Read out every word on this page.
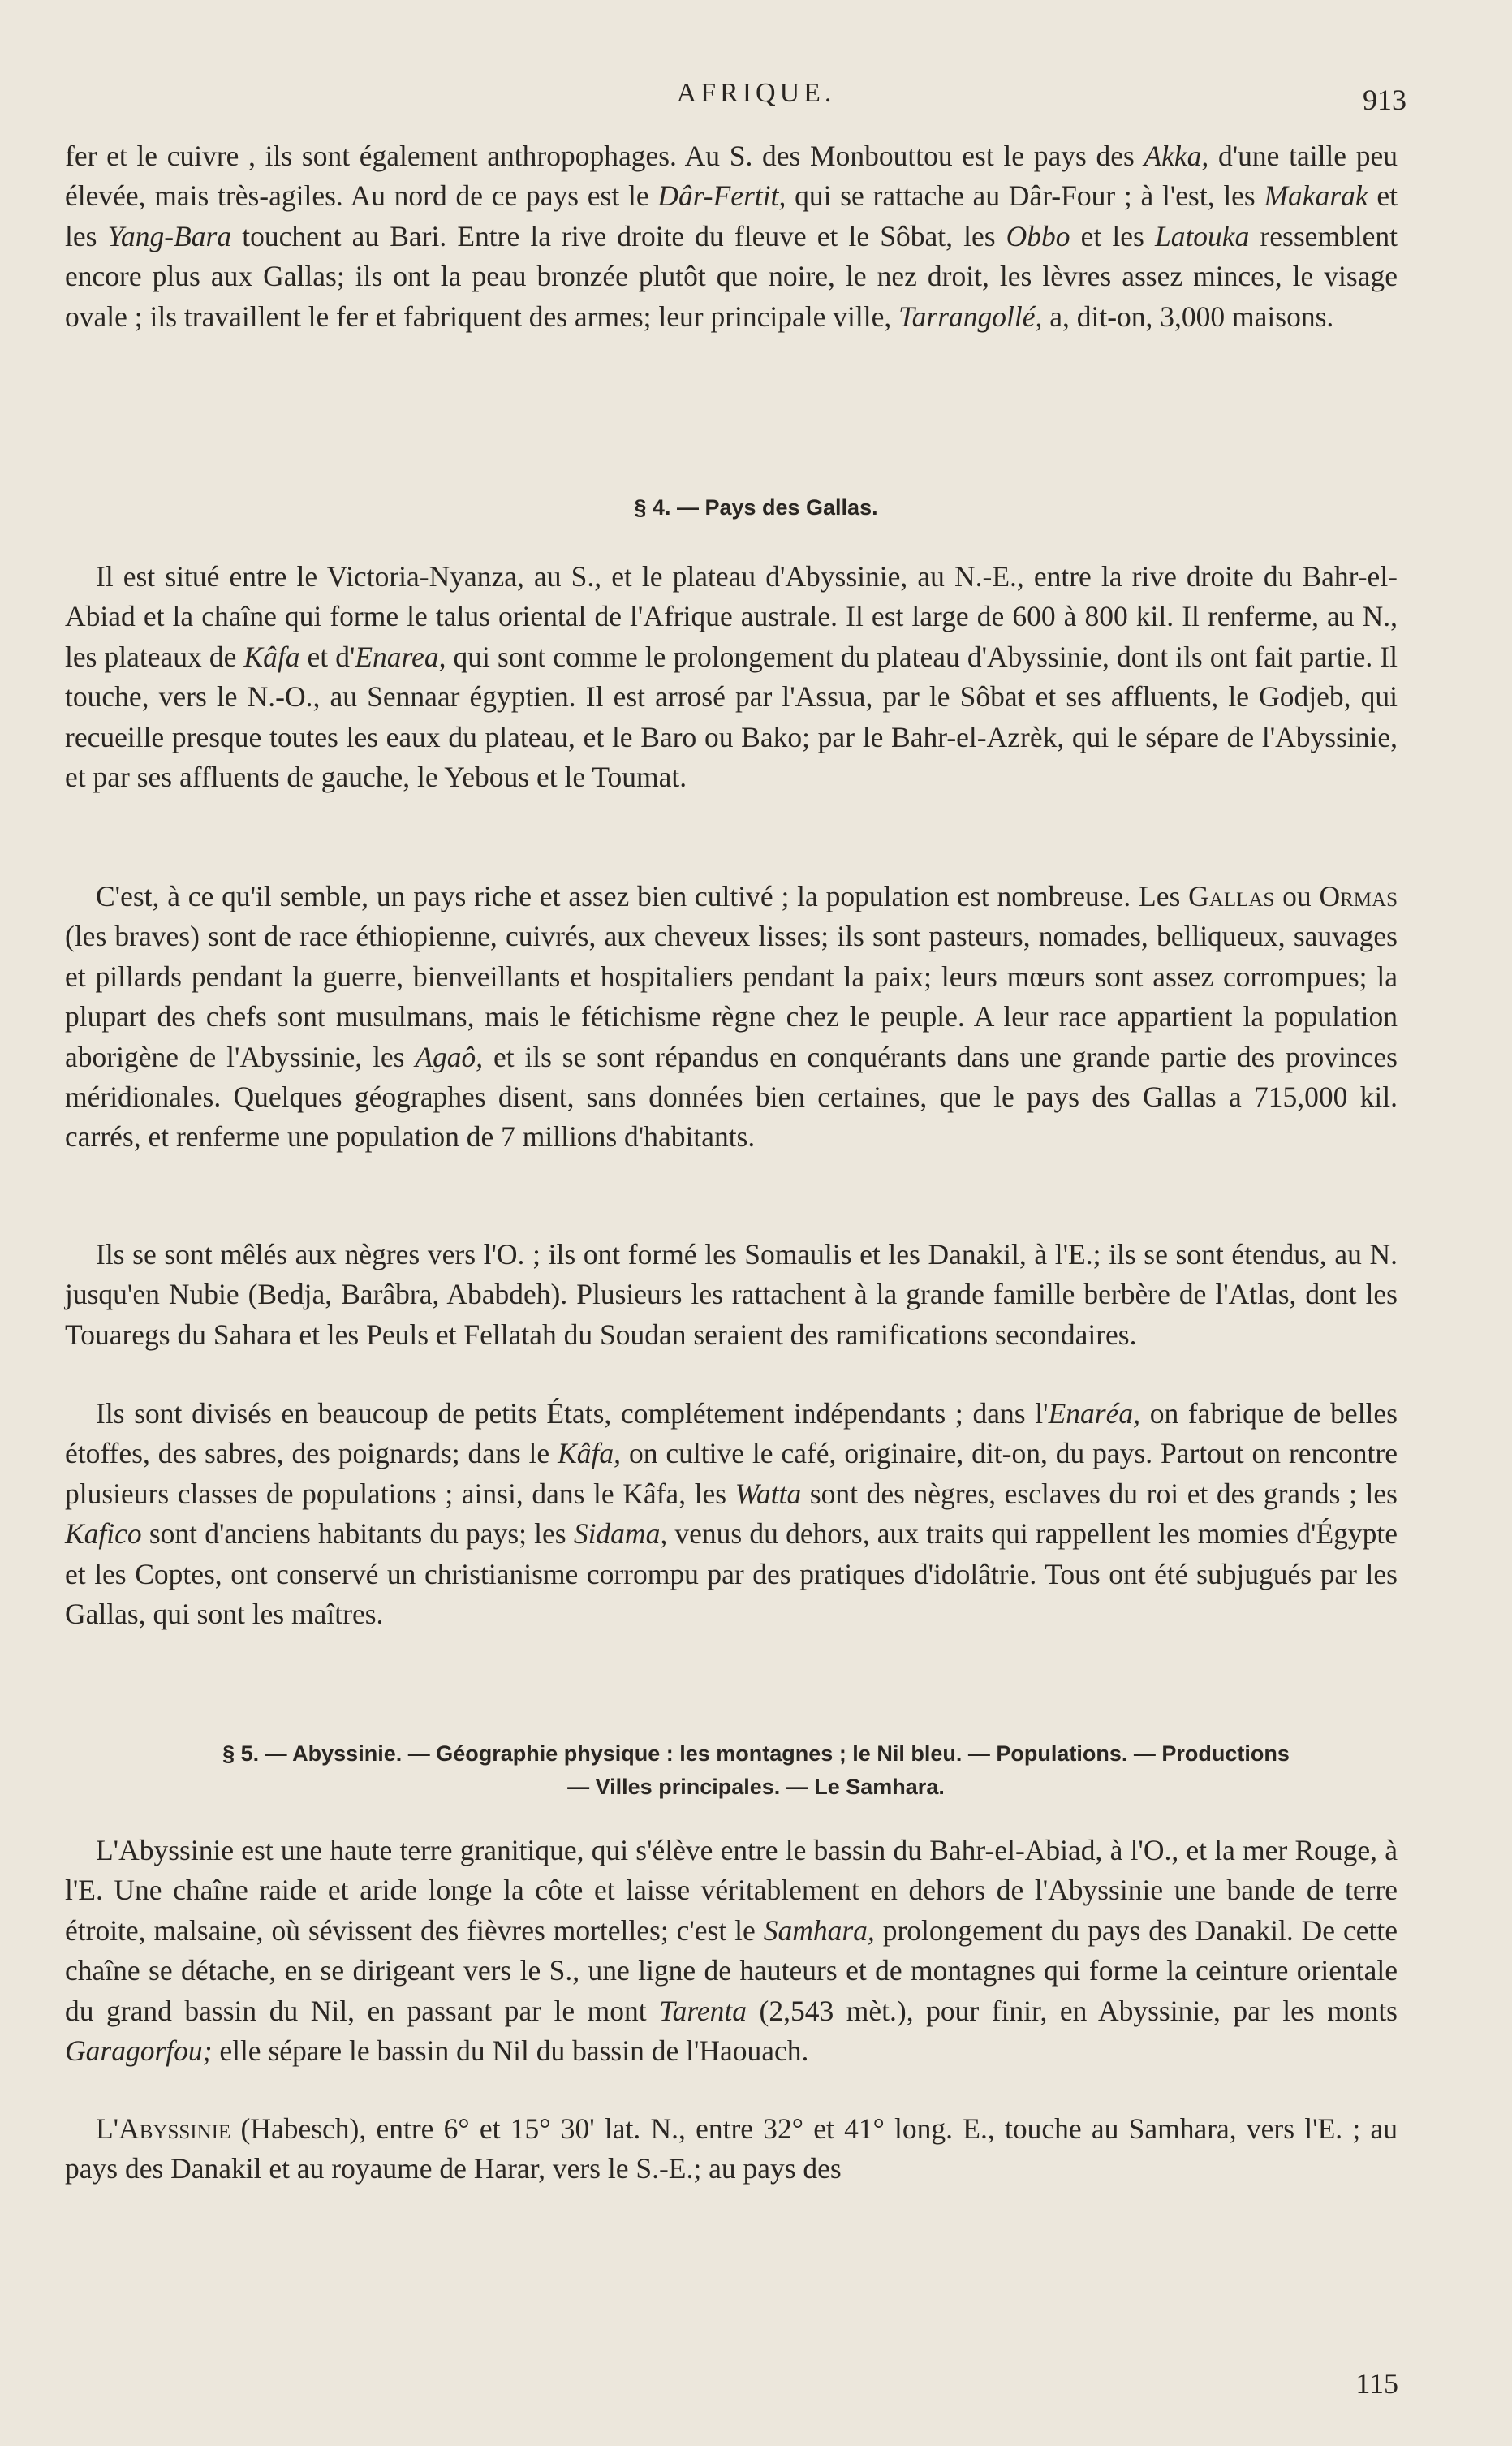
AFRIQUE.	913

fer et le cuivre , ils sont également anthropophages. Au S. des Monbouttou est le pays des Akka, d'une taille peu élevée, mais très-agiles. Au nord de ce pays est le Dâr-Fertit, qui se rattache au Dâr-Four ; à l'est, les Makarak et les Yang-Bara touchent au Bari. Entre la rive droite du fleuve et le Sôbat, les Obbo et les Latouka ressemblent encore plus aux Gallas; ils ont la peau bronzée plutôt que noire, le nez droit, les lèvres assez minces, le visage ovale ; ils travaillent le fer et fabriquent des armes; leur principale ville, Tarrangollé, a, dit-on, 3,000 maisons.

§ 4. — Pays des Gallas.

Il est situé entre le Victoria-Nyanza, au S., et le plateau d'Abyssinie, au N.-E., entre la rive droite du Bahr-el-Abiad et la chaîne qui forme le talus oriental de l'Afrique australe. Il est large de 600 à 800 kil. Il renferme, au N., les plateaux de Kâfa et d'Enarea, qui sont comme le prolongement du plateau d'Abyssinie, dont ils ont fait partie. Il touche, vers le N.-O., au Sennaar égyptien. Il est arrosé par l'Assua, par le Sôbat et ses affluents, le Godjeb, qui recueille presque toutes les eaux du plateau, et le Baro ou Bako; par le Bahr-el-Azrèk, qui le sépare de l'Abyssinie, et par ses affluents de gauche, le Yebous et le Toumat.

C'est, à ce qu'il semble, un pays riche et assez bien cultivé ; la population est nombreuse. Les Gallas ou Ormas (les braves) sont de race éthiopienne, cuivrés, aux cheveux lisses; ils sont pasteurs, nomades, belliqueux, sauvages et pillards pendant la guerre, bienveillants et hospitaliers pendant la paix; leurs mœurs sont assez corrompues; la plupart des chefs sont musulmans, mais le fétichisme règne chez le peuple. A leur race appartient la population aborigène de l'Abyssinie, les Agaô, et ils se sont répandus en conquérants dans une grande partie des provinces méridionales. Quelques géographes disent, sans données bien certaines, que le pays des Gallas a 715,000 kil. carrés, et renferme une population de 7 millions d'habitants.

Ils se sont mêlés aux nègres vers l'O. ; ils ont formé les Somaulis et les Danakil, à l'E.; ils se sont étendus, au N. jusqu'en Nubie (Bedja, Barâbra, Ababdeh). Plusieurs les rattachent à la grande famille berbère de l'Atlas, dont les Touaregs du Sahara et les Peuls et Fellatah du Soudan seraient des ramifications secondaires.

Ils sont divisés en beaucoup de petits États, complétement indépendants ; dans l'Enaréa, on fabrique de belles étoffes, des sabres, des poignards; dans le Kâfa, on cultive le café, originaire, dit-on, du pays. Partout on rencontre plusieurs classes de populations ; ainsi, dans le Kâfa, les Watta sont des nègres, esclaves du roi et des grands ; les Kafico sont d'anciens habitants du pays; les Sidama, venus du dehors, aux traits qui rappellent les momies d'Égypte et les Coptes, ont conservé un christianisme corrompu par des pratiques d'idolâtrie. Tous ont été subjugués par les Gallas, qui sont les maîtres.

§ 5. — Abyssinie. — Géographie physique : les montagnes ; le Nil bleu. — Populations. — Productions
— Villes principales. — Le Samhara.

L'Abyssinie est une haute terre granitique, qui s'élève entre le bassin du Bahr-el-Abiad, à l'O., et la mer Rouge, à l'E. Une chaîne raide et aride longe la côte et laisse véritablement en dehors de l'Abyssinie une bande de terre étroite, malsaine, où sévissent des fièvres mortelles; c'est le Samhara, prolongement du pays des Danakil. De cette chaîne se détache, en se dirigeant vers le S., une ligne de hauteurs et de montagnes qui forme la ceinture orientale du grand bassin du Nil, en passant par le mont Tarenta (2,543 mèt.), pour finir, en Abyssinie, par les monts Garagorfou; elle sépare le bassin du Nil du bassin de l'Haouach.

L'Abyssinie (Habesch), entre 6° et 15° 30' lat. N., entre 32° et 41° long. E., touche au Samhara, vers l'E. ; au pays des Danakil et au royaume de Harar, vers le S.-E.; au pays des

115
